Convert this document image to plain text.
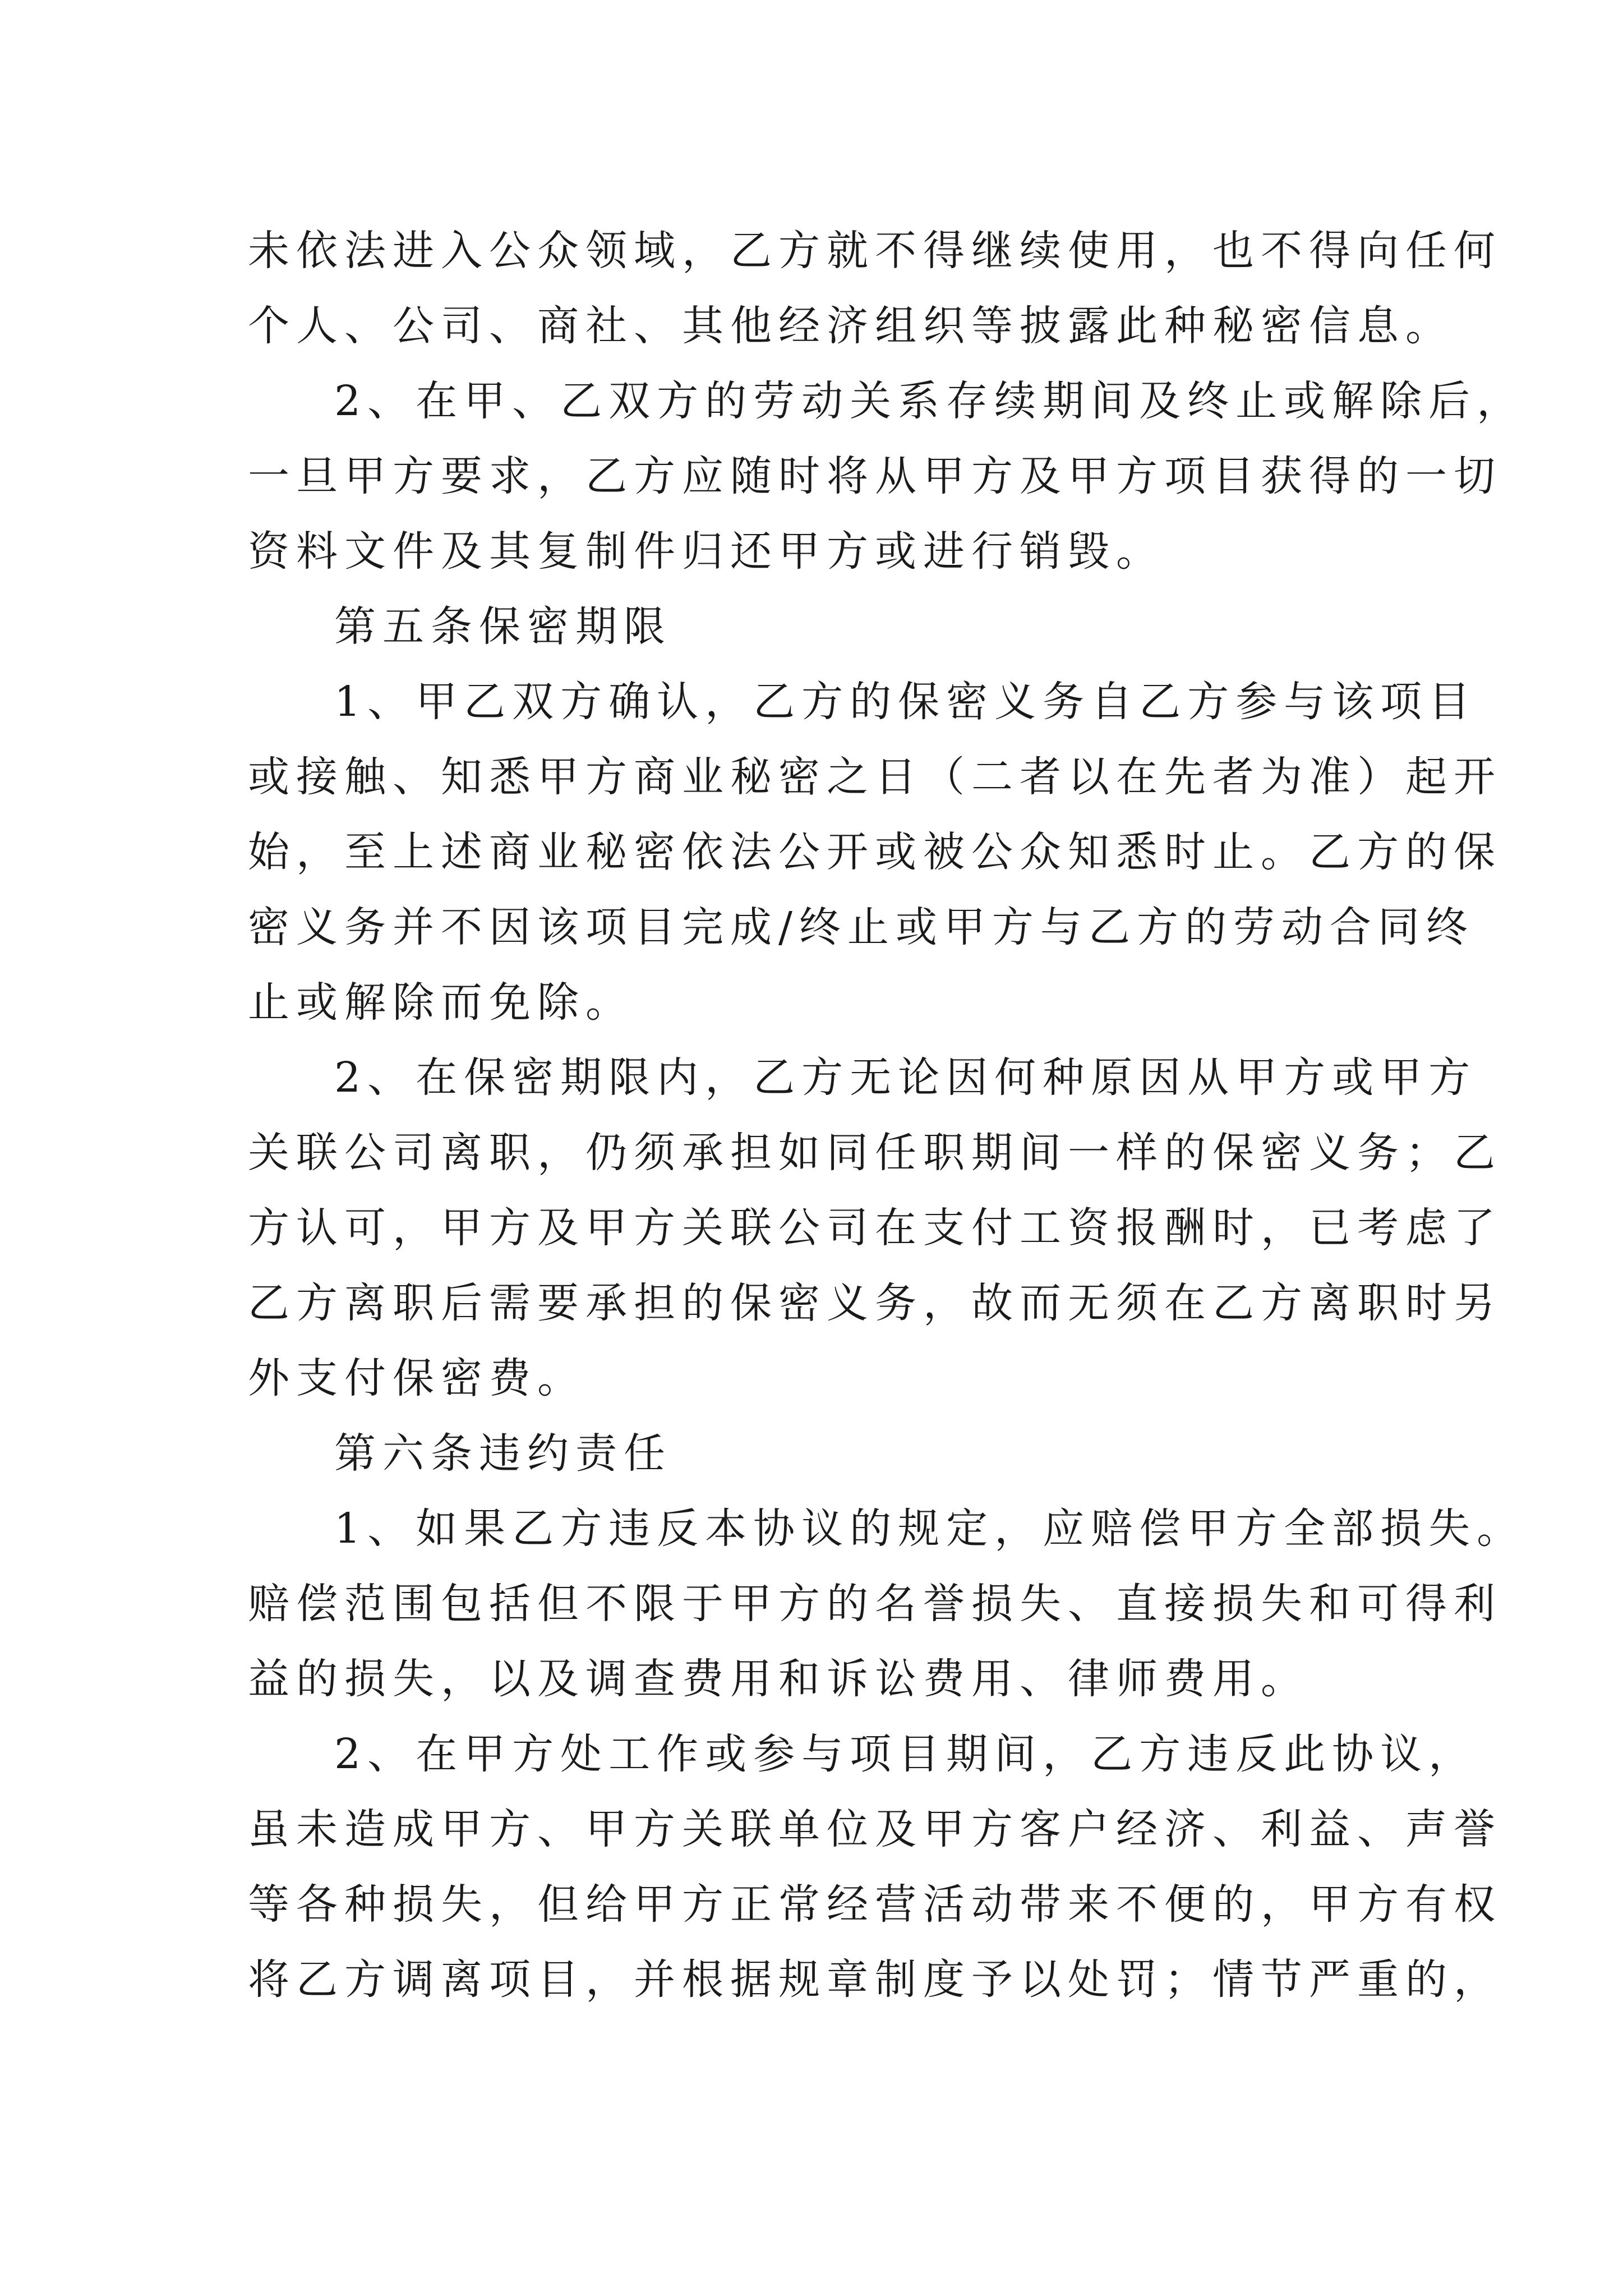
未依法进入公众领域，乙方就不得继续使用，也不得向任何
个人、公司、商社、其他经济组织等披露此种秘密信息。
2、在甲、乙双方的劳动关系存续期间及终止或解除后，
一旦甲方要求，乙方应随时将从甲方及甲方项目获得的一切
资料文件及其复制件归还甲方或进行销毁。
第五条保密期限
1、甲乙双方确认，乙方的保密义务自乙方参与该项目
或接触、知悉甲方商业秘密之日（二者以在先者为准）起开
始，至上述商业秘密依法公开或被公众知悉时止。乙方的保
密义务并不因该项目完成/终止或甲方与乙方的劳动合同终
止或解除而免除。
2、在保密期限内，乙方无论因何种原因从甲方或甲方
关联公司离职，仍须承担如同任职期间一样的保密义务；乙
方认可，甲方及甲方关联公司在支付工资报酬时，已考虑了
乙方离职后需要承担的保密义务，故而无须在乙方离职时另
外支付保密费。
第六条违约责任
1、如果乙方违反本协议的规定，应赔偿甲方全部损失。
赔偿范围包括但不限于甲方的名誉损失、直接损失和可得利
益的损失，以及调查费用和诉讼费用、律师费用。
2、在甲方处工作或参与项目期间，乙方违反此协议，
虽未造成甲方、甲方关联单位及甲方客户经济、利益、声誉
等各种损失，但给甲方正常经营活动带来不便的，甲方有权
将乙方调离项目，并根据规章制度予以处罚；情节严重的，
